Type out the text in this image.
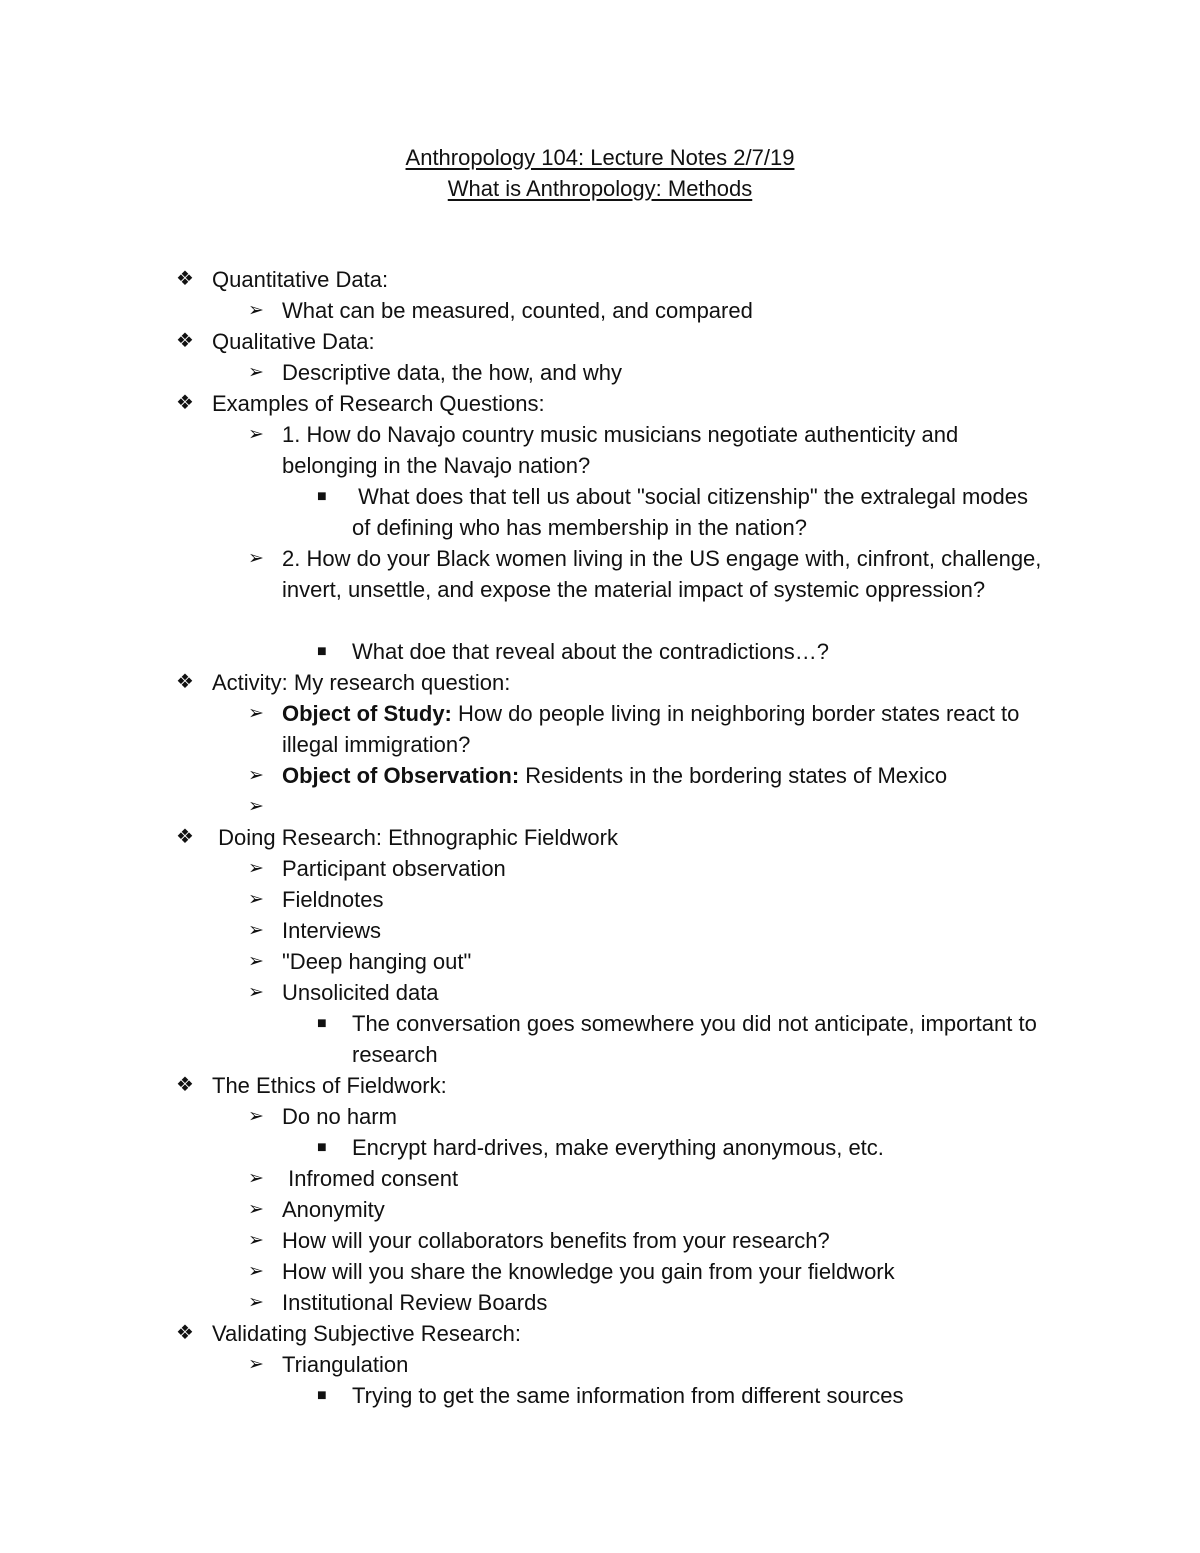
Anthropology 104: Lecture Notes 2/7/19
What is Anthropology: Methods
❖ Quantitative Data:
➢ What can be measured, counted, and compared
❖ Qualitative Data:
➢ Descriptive data, the how, and why
❖ Examples of Research Questions:
➢ 1. How do Navajo country music musicians negotiate authenticity and belonging in the Navajo nation?
■ What does that tell us about "social citizenship" the extralegal modes of defining who has membership in the nation?
➢ 2. How do your Black women living in the US engage with, cinfront, challenge, invert, unsettle, and expose the material impact of systemic oppression?
■ What doe that reveal about the contradictions…?
❖ Activity: My research question:
➢ Object of Study: How do people living in neighboring border states react to illegal immigration?
➢ Object of Observation: Residents in the bordering states of Mexico
➢
❖ Doing Research: Ethnographic Fieldwork
➢ Participant observation
➢ Fieldnotes
➢ Interviews
➢ "Deep hanging out"
➢ Unsolicited data
■ The conversation goes somewhere you did not anticipate, important to research
❖ The Ethics of Fieldwork:
➢ Do no harm
■ Encrypt hard-drives, make everything anonymous, etc.
➢ Infromed consent
➢ Anonymity
➢ How will your collaborators benefits from your research?
➢ How will you share the knowledge you gain from your fieldwork
➢ Institutional Review Boards
❖ Validating Subjective Research:
➢ Triangulation
■ Trying to get the same information from different sources
